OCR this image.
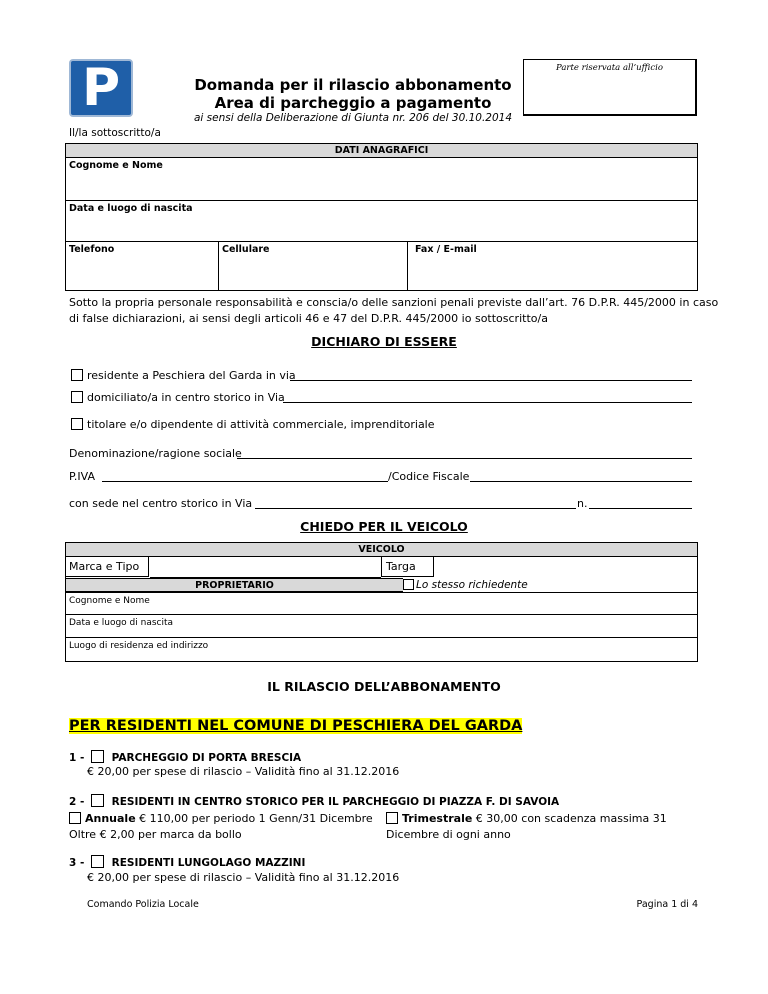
P	Domanda per il rilascio abbonamento
Area di parcheggio a pagamento
ai sensi della Deliberazione di Giunta nr. 206 del 30.10.2014
Parte riservata all’ufficio
Il/la sottoscritto/a
DATI ANAGRAFICI
Cognome e Nome
Data e luogo di nascita
Telefono	Cellulare	Fax / E-mail
Sotto la propria personale responsabilità e conscia/o delle sanzioni penali previste dall’art. 76 D.P.R. 445/2000 in caso
di false dichiarazioni, ai sensi degli articoli 46 e 47 del D.P.R. 445/2000 io sottoscritto/a
DICHIARO DI ESSERE
residente a Peschiera del Garda in via
domiciliato/a in centro storico in Via
titolare e/o dipendente di attività commerciale, imprenditoriale
Denominazione/ragione sociale
P.IVA	/Codice Fiscale
con sede nel centro storico in Via	n.
CHIEDO PER IL VEICOLO
VEICOLO
Marca e Tipo	Targa
PROPRIETARIO	Lo stesso richiedente
Cognome e Nome
Data e luogo di nascita
Luogo di residenza ed indirizzo
IL RILASCIO DELL’ABBONAMENTO
PER RESIDENTI NEL COMUNE DI PESCHIERA DEL GARDA
1 -	PARCHEGGIO DI PORTA BRESCIA
€ 20,00 per spese di rilascio – Validità fino al 31.12.2016
2 -	RESIDENTI IN CENTRO STORICO PER IL PARCHEGGIO DI PIAZZA F. DI SAVOIA
Annuale € 110,00 per periodo 1 Genn/31 Dicembre
Oltre € 2,00 per marca da bollo
Trimestrale € 30,00 con scadenza massima 31
Dicembre di ogni anno
3 -	RESIDENTI LUNGOLAGO MAZZINI
€ 20,00 per spese di rilascio – Validità fino al 31.12.2016
Comando Polizia Locale	Pagina 1 di 4
